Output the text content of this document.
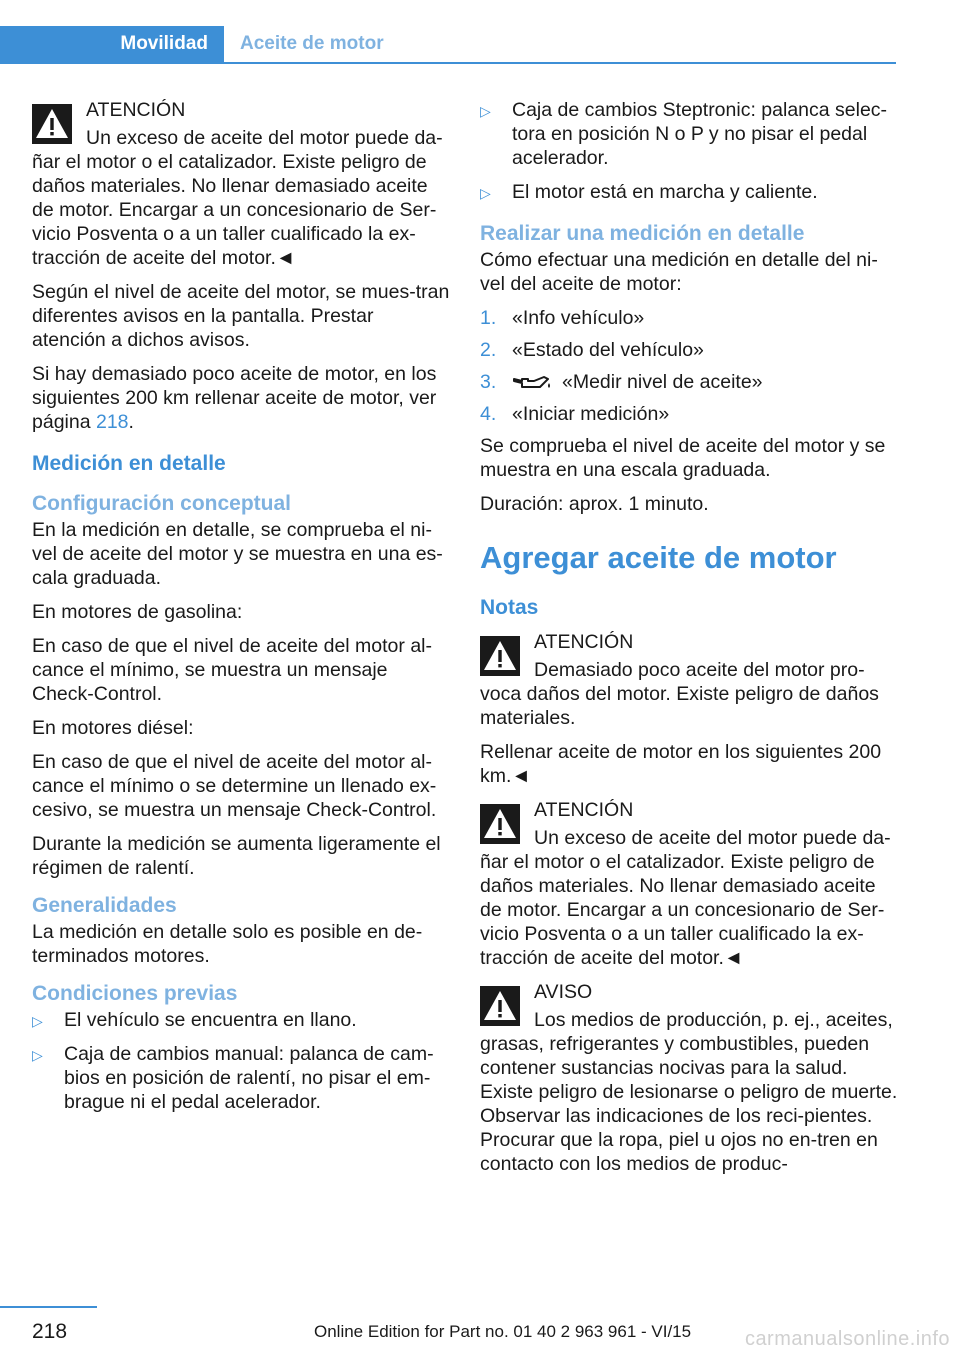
Movilidad	Aceite de motor

ATENCIÓN

Un exceso de aceite del motor puede da-ñar el motor o el catalizador. Existe peligro de daños materiales. No llenar demasiado aceite de motor. Encargar a un concesionario de Ser-vicio Posventa o a un taller cualificado la ex-tracción de aceite del motor.◄

Según el nivel de aceite del motor, se mues-tran diferentes avisos en la pantalla. Prestar atención a dichos avisos.

Si hay demasiado poco aceite de motor, en los siguientes 200 km rellenar aceite de motor, ver página 218.

Medición en detalle
Configuración conceptual

En la medición en detalle, se comprueba el ni-vel de aceite del motor y se muestra en una es-cala graduada.

En motores de gasolina:

En caso de que el nivel de aceite del motor al-cance el mínimo, se muestra un mensaje Check-Control.

En motores diésel:

En caso de que el nivel de aceite del motor al-cance el mínimo o se determine un llenado ex-cesivo, se muestra un mensaje Check-Control.

Durante la medición se aumenta ligeramente el régimen de ralentí.

Generalidades

La medición en detalle solo es posible en de-terminados motores.

Condiciones previas
▷ El vehículo se encuentra en llano.
▷ Caja de cambios manual: palanca de cam-bios en posición de ralentí, no pisar el em-brague ni el pedal acelerador.
▷ Caja de cambios Steptronic: palanca selec-tora en posición N o P y no pisar el pedal acelerador.
▷ El motor está en marcha y caliente.
Realizar una medición en detalle

Cómo efectuar una medición en detalle del ni-vel del aceite de motor:

1. «Info vehículo»
2. «Estado del vehículo»
3.	«Medir nivel de aceite»
4. «Iniciar medición»

Se comprueba el nivel de aceite del motor y se muestra en una escala graduada.

Duración: aprox. 1 minuto.

Agregar aceite de motor
Notas

ATENCIÓN

Demasiado poco aceite del motor pro-voca daños del motor. Existe peligro de daños materiales.

Rellenar aceite de motor en los siguientes 200 km.◄

ATENCIÓN

Un exceso de aceite del motor puede da-ñar el motor o el catalizador. Existe peligro de daños materiales. No llenar demasiado aceite de motor. Encargar a un concesionario de Ser-vicio Posventa o a un taller cualificado la ex-tracción de aceite del motor.◄

AVISO

Los medios de producción, p. ej., aceites, grasas, refrigerantes y combustibles, pueden contener sustancias nocivas para la salud. Existe peligro de lesionarse o peligro de muerte. Observar las indicaciones de los reci-pientes. Procurar que la ropa, piel u ojos no en-tren en contacto con los medios de produc-

218	Online Edition for Part no. 01 40 2 963 961 - VI/15	carmanualsonline.info
